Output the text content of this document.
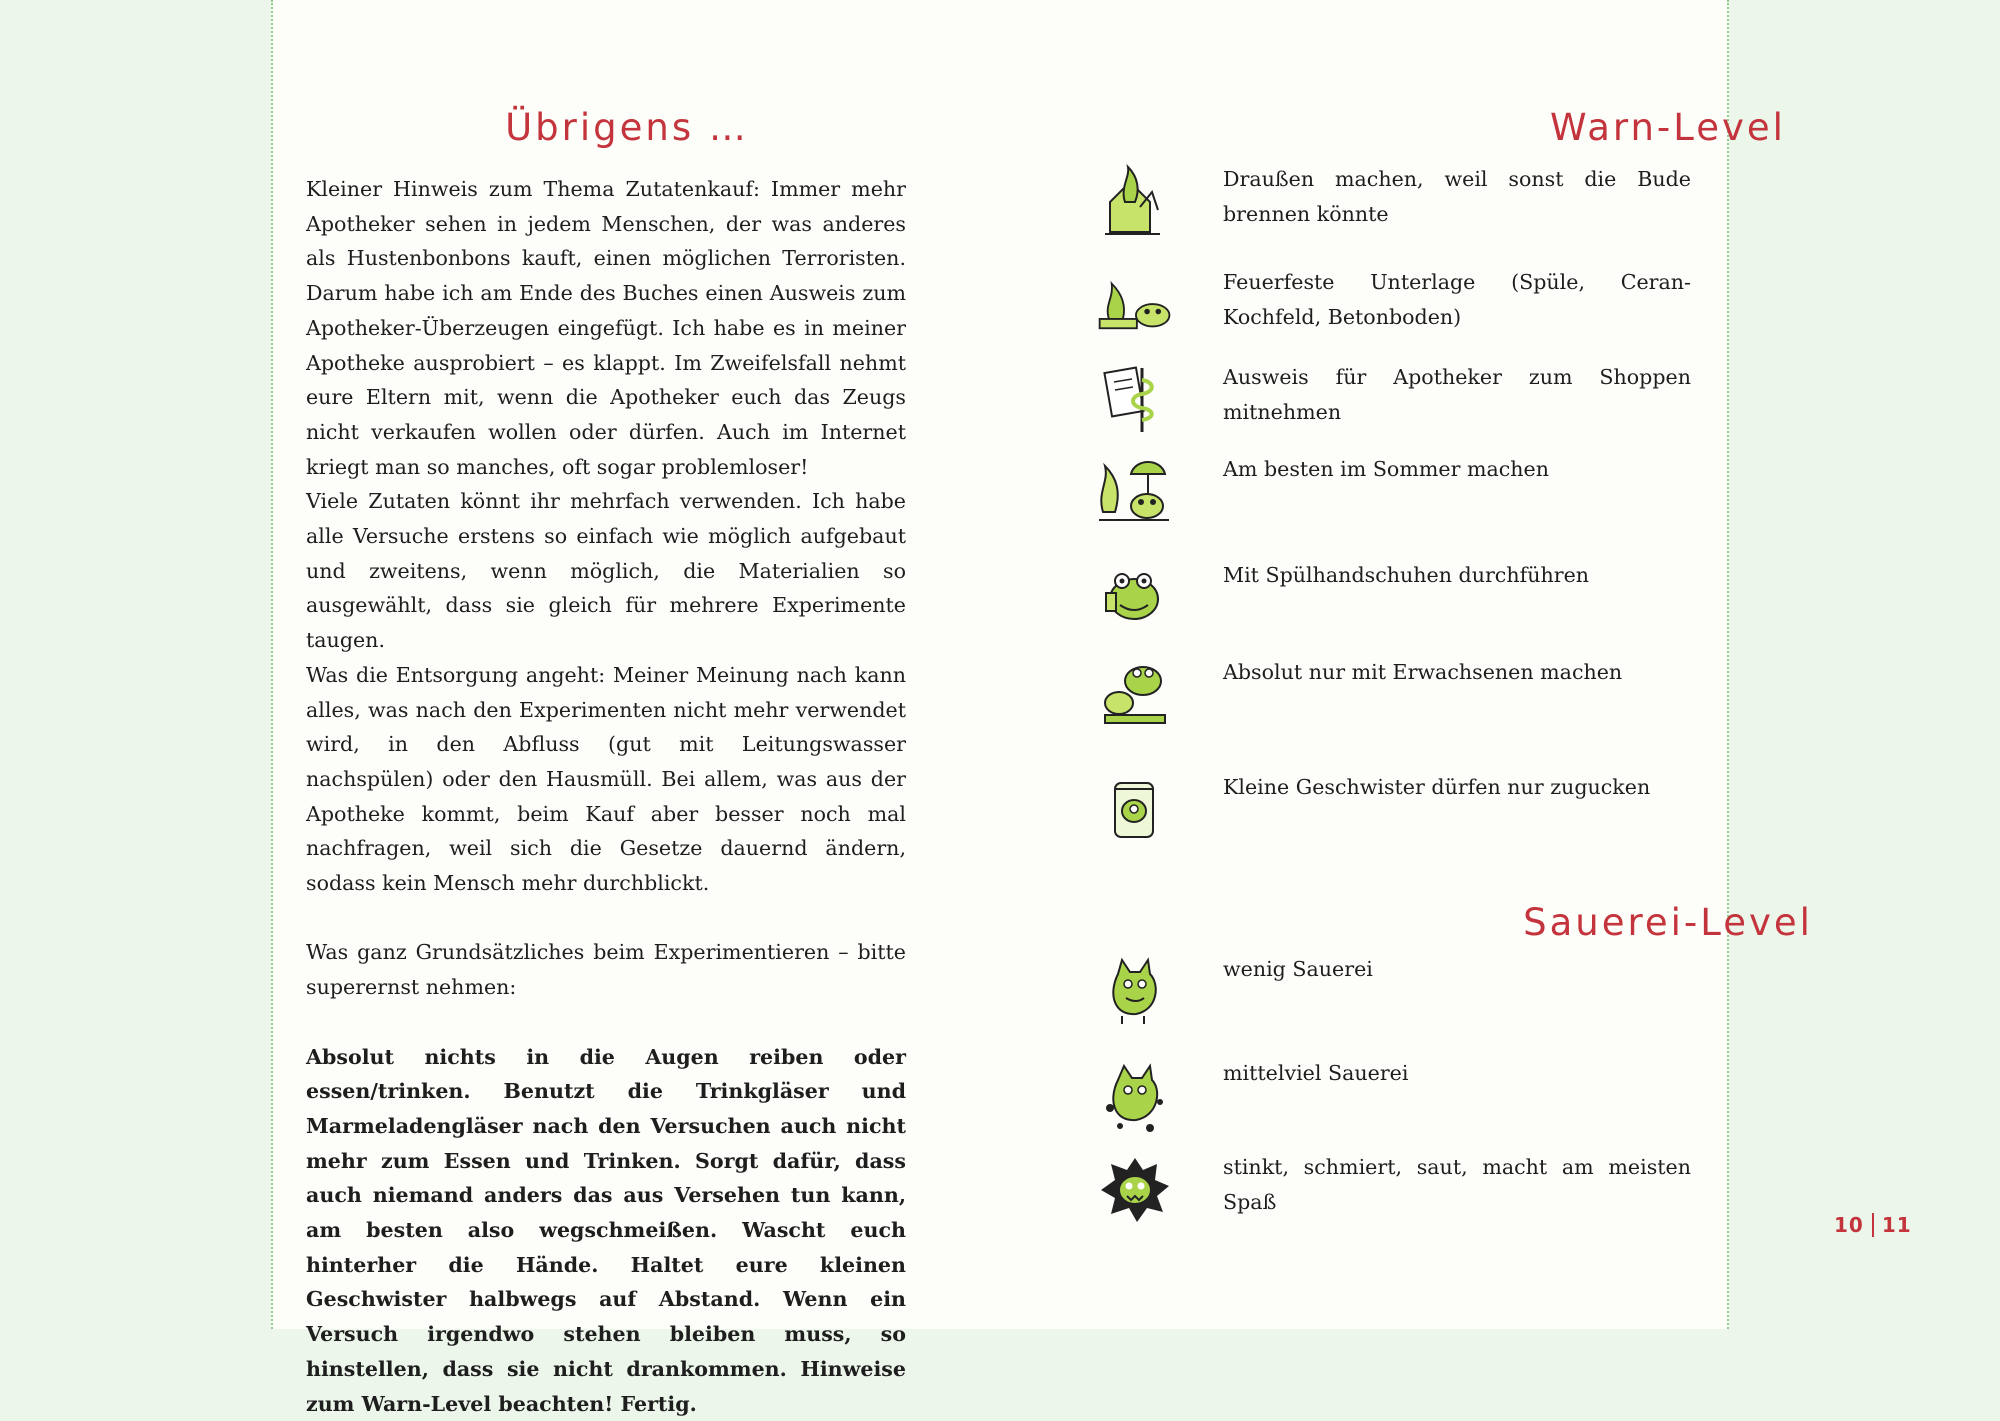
Übrigens …	Warn-Level
Sauerei-Level

Kleiner Hinweis zum Thema Zutatenkauf: Immer mehr Apotheker sehen in jedem Menschen, der was anderes als Hustenbonbons kauft, einen möglichen Terroristen. Darum habe ich am Ende des Buches einen Ausweis zum Apotheker-Überzeugen eingefügt. Ich habe es in meiner Apotheke ausprobiert – es klappt. Im Zweifelsfall nehmt eure Eltern mit, wenn die Apotheker euch das Zeugs nicht verkaufen wollen oder dürfen. Auch im Internet kriegt man so manches, oft sogar problemloser!

Viele Zutaten könnt ihr mehrfach verwenden. Ich habe alle Versuche erstens so einfach wie möglich aufgebaut und zweitens, wenn möglich, die Materialien so ausgewählt, dass sie gleich für mehrere Experimente taugen.

Was die Entsorgung angeht: Meiner Meinung nach kann alles, was nach den Experimenten nicht mehr verwendet wird, in den Abfluss (gut mit Leitungswasser nachspülen) oder den Hausmüll. Bei allem, was aus der Apotheke kommt, beim Kauf aber besser noch mal nachfragen, weil sich die Gesetze dauernd ändern, sodass kein Mensch mehr durchblickt.

Was ganz Grundsätzliches beim Experimentieren – bitte superernst nehmen:

Absolut nichts in die Augen reiben oder essen/trinken. Benutzt die Trinkgläser und Marmeladengläser nach den Versuchen auch nicht mehr zum Essen und Trinken. Sorgt dafür, dass auch niemand anders das aus Versehen tun kann, am besten also wegschmeißen. Wascht euch hinterher die Hände. Haltet eure kleinen Geschwister halbwegs auf Abstand. Wenn ein Versuch irgendwo stehen bleiben muss, so hinstellen, dass sie nicht drankommen. Hinweise zum Warn-Level beachten! Fertig.

Draußen machen, weil sonst die Bude brennen könnte
Feuerfeste Unterlage (Spüle, Ceran-Kochfeld, Betonboden)
Ausweis für Apotheker zum Shoppen mitnehmen
Am besten im Sommer machen
Mit Spülhandschuhen durchführen
Absolut nur mit Erwachsenen machen
Kleine Geschwister dürfen nur zugucken
wenig Sauerei
mittelviel Sauerei
stinkt, schmiert, saut, macht am meisten Spaß
10 11
